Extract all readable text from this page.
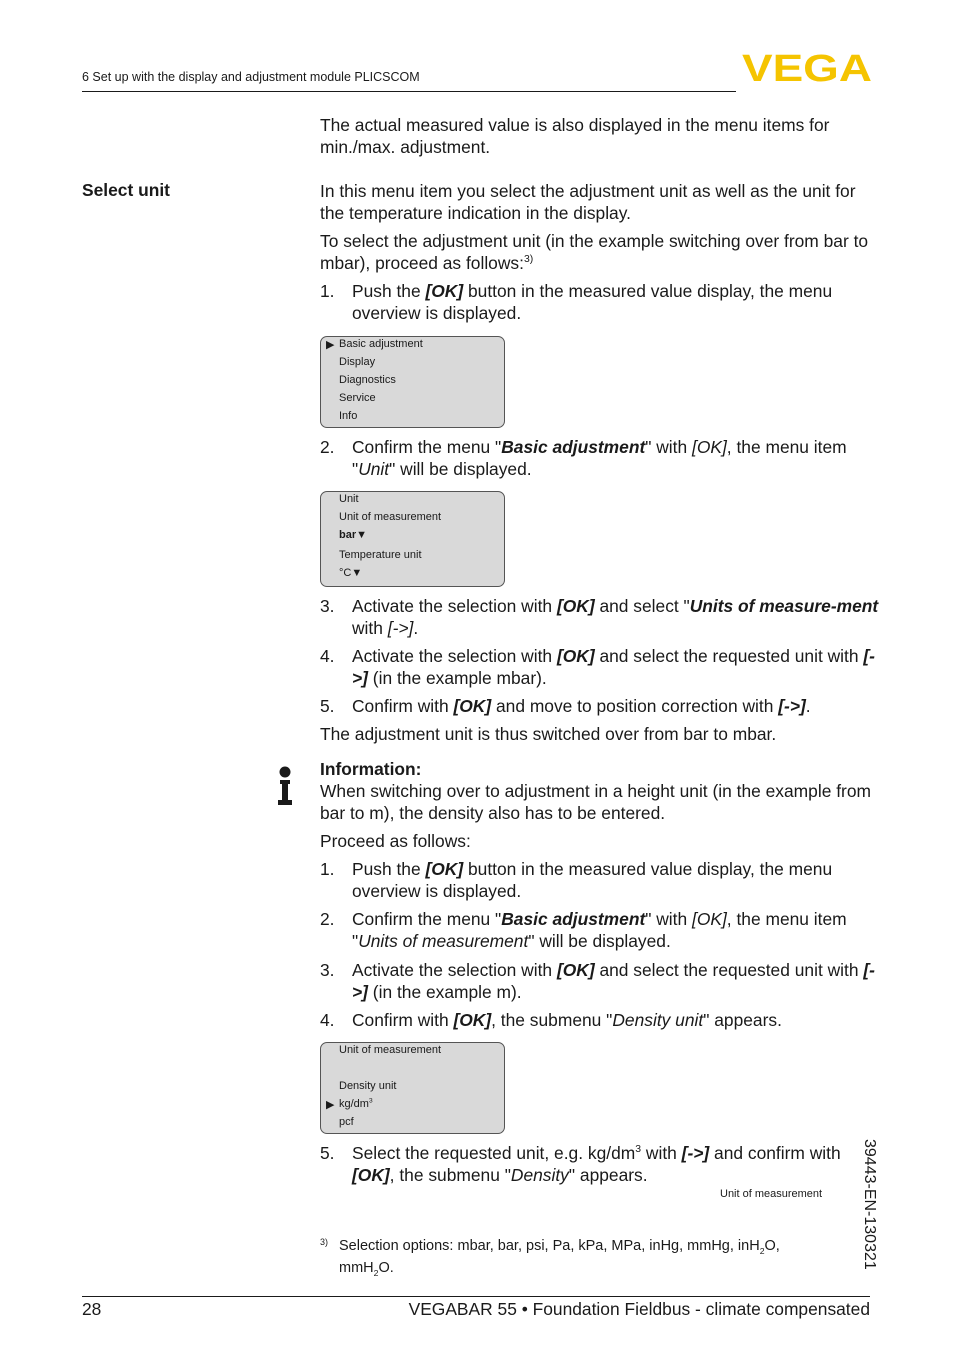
6 Set up with the display and adjustment module PLICSCOM	VEGA
The actual measured value is also displayed in the menu items for min./max. adjustment.
Select unit	In this menu item you select the adjustment unit as well as the unit for the temperature indication in the display.
To select the adjustment unit (in the example switching over from bar to mbar), proceed as follows:$^{3)}$
1. Push the [OK] button in the measured value display, the menu overview is displayed.
▶ Basic adjustment
Display
Diagnostics
Service
Info
2. Confirm the menu "Basic adjustment" with [OK], the menu item "Unit" will be displayed.
Unit
Unit of measurement
bar▼
Temperature unit
°C▼
3. Activate the selection with [OK] and select "Units of measure-ment with [->].
4. Activate the selection with [OK] and select the requested unit with [->] (in the example mbar).
5. Confirm with [OK] and move to position correction with [->].
The adjustment unit is thus switched over from bar to mbar.
Information:
When switching over to adjustment in a height unit (in the example from bar to m), the density also has to be entered.
Proceed as follows:
1. Push the [OK] button in the measured value display, the menu overview is displayed.
2. Confirm the menu "Basic adjustment" with [OK], the menu item "Units of measurement" will be displayed.
3. Activate the selection with [OK] and select the requested unit with [->] (in the example m).
4. Confirm with [OK], the submenu "Density unit" appears.
Unit of measurement
Density unit
▶ $kg/dm^3$
pcf
5. Select the requested unit, e.g. $kg/dm^3$ with [->] and confirm with [OK], the submenu "Density" appears.
Unit of measurement
3) Selection options: mbar, bar, psi, Pa, kPa, MPa, inHg, mmHg, inH$_2$O, mmH$_2$O.
28	VEGABAR 55 • Foundation Fieldbus - climate compensated
39443-EN-130321
